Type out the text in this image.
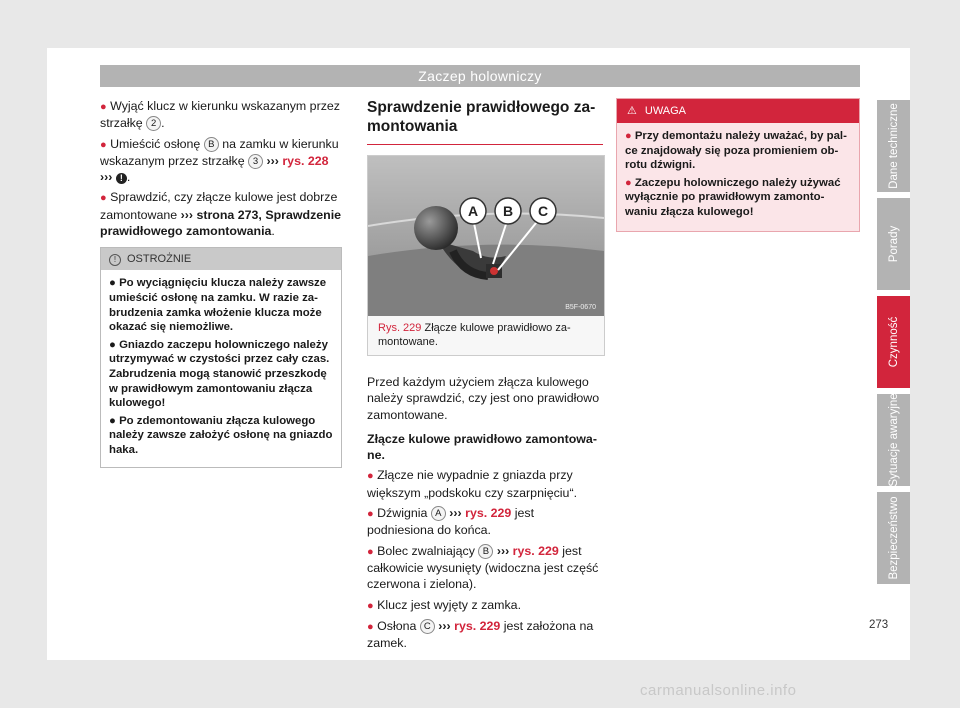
Zaczep holowniczy

● Wyjąć klucz w kierunku wskazanym przez strzałkę 2 .

● Umieścić osłonę B na zamku w kierunku wskazanym przez strzałkę 3 ››› rys. 228 ››› ! .

● Sprawdzić, czy złącze kulowe jest dobrze zamontowane ››› strona 273, Sprawdzenie prawidłowego zamontowania.

! OSTROŻNIE

● Po wyciągnięciu klucza należy zawsze umieścić osłonę na zamku. W razie zabrudzenia zamka włożenie klucza może okazać się niemożliwe.

● Gniazdo zaczepu holowniczego należy utrzymywać w czystości przez cały czas. Zabrudzenia mogą stanowić przeszkodę w prawidłowym zamontowaniu złącza kulowego!

● Po zdemontowaniu złącza kulowego należy zawsze założyć osłonę na gniazdo haka.

Sprawdzenie prawidłowego zamontowania
A B C
B5F-0670
Rys. 229 Złącze kulowe prawidłowo zamontowane.

Przed każdym użyciem złącza kulowego należy sprawdzić, czy jest ono prawidłowo zamontowane.

Złącze kulowe prawidłowo zamontowane.

● Złącze nie wypadnie z gniazda przy większym „podskoku czy szarpnięciu“.

● Dźwignia A ››› rys. 229 jest podniesiona do końca.

● Bolec zwalniający B ››› rys. 229 jest całkowicie wysunięty (widoczna jest część czerwona i zielona).

● Klucz jest wyjęty z zamka.

● Osłona C ››› rys. 229 jest założona na zamek.

⚠ UWAGA

● Przy demontażu należy uważać, by palce znajdowały się poza promieniem obrotu dźwigni.

● Zaczepu holowniczego należy używać wyłącznie po prawidłowym zamontowaniu złącza kulowego!

Dane techniczne
Porady
Czynność
Sytuacje awaryjne
Bezpieczeństwo
273
carmanualsonline.info
